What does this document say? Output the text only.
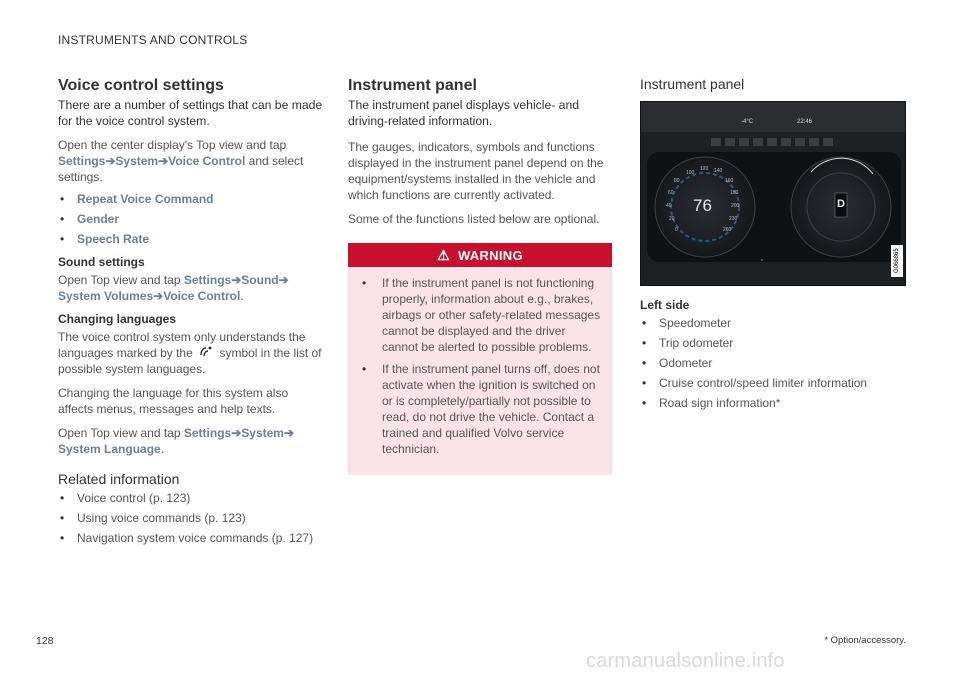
INSTRUMENTS AND CONTROLS
Voice control settings
There are a number of settings that can be made for the voice control system.
Open the center display's Top view and tap Settings➔System➔Voice Control and select settings.
• Repeat Voice Command
• Gender
• Speech Rate
Sound settings
Open Top view and tap Settings➔Sound➔ System Volumes➔Voice Control.
Changing languages
The voice control system only understands the languages marked by the symbol in the list of possible system languages.
Changing the language for this system also affects menus, messages and help texts.
Open Top view and tap Settings➔System➔ System Language.
Related information
• Voice control (p. 123)
• Using voice commands (p. 123)
• Navigation system voice commands (p. 127)
Instrument panel
The instrument panel displays vehicle- and driving-related information.
The gauges, indicators, symbols and functions displayed in the instrument panel depend on the equipment/systems installed in the vehicle and which functions are currently activated.
Some of the functions listed below are optional.
⚠ WARNING
• If the instrument panel is not functioning properly, information about e.g., brakes, airbags or other safety-related messages cannot be displayed and the driver cannot be alerted to possible problems.
• If the instrument panel turns off, does not activate when the ignition is switched on or is completely/partially not possible to read, do not drive the vehicle. Contact a trained and qualified Volvo service technician.
Instrument panel
76
-4°C	22:46
D
0
20
40
60
80
100
120 140
160
180
200
230
260
G066865
Left side
• Speedometer
• Trip odometer
• Odometer
• Cruise control/speed limiter information
• Road sign information*
128	* Option/accessory.
carmanualsonline.info
